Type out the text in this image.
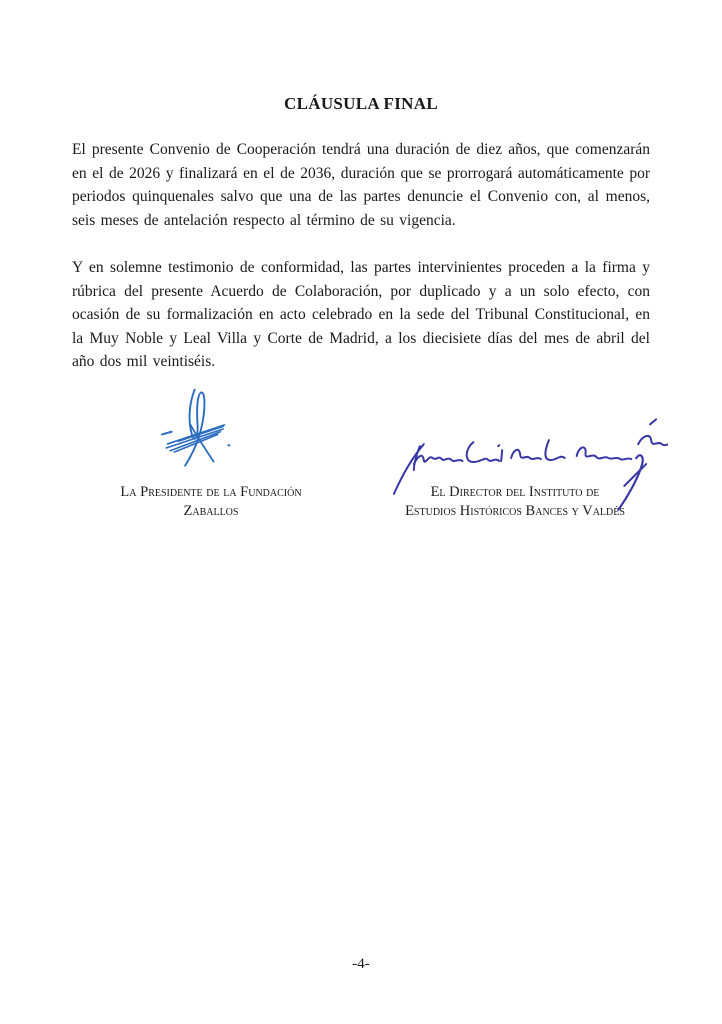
CLÁUSULA FINAL

El presente Convenio de Cooperación tendrá una duración de diez años, que comenzarán en el de 2026 y finalizará en el de 2036, duración que se prorrogará automáticamente por periodos quinquenales salvo que una de las partes denuncie el Convenio con, al menos, seis meses de antelación respecto al término de su vigencia.

Y en solemne testimonio de conformidad, las partes intervinientes proceden a la firma y rúbrica del presente Acuerdo de Colaboración, por duplicado y a un solo efecto, con ocasión de su formalización en acto celebrado en la sede del Tribunal Constitucional, en la Muy Noble y Leal Villa y Corte de Madrid, a los diecisiete días del mes de abril del año dos mil veintiséis.

La Presidente de la Fundación
Zaballos
El Director del Instituto de
Estudios Históricos Bances y Valdés
-4-
